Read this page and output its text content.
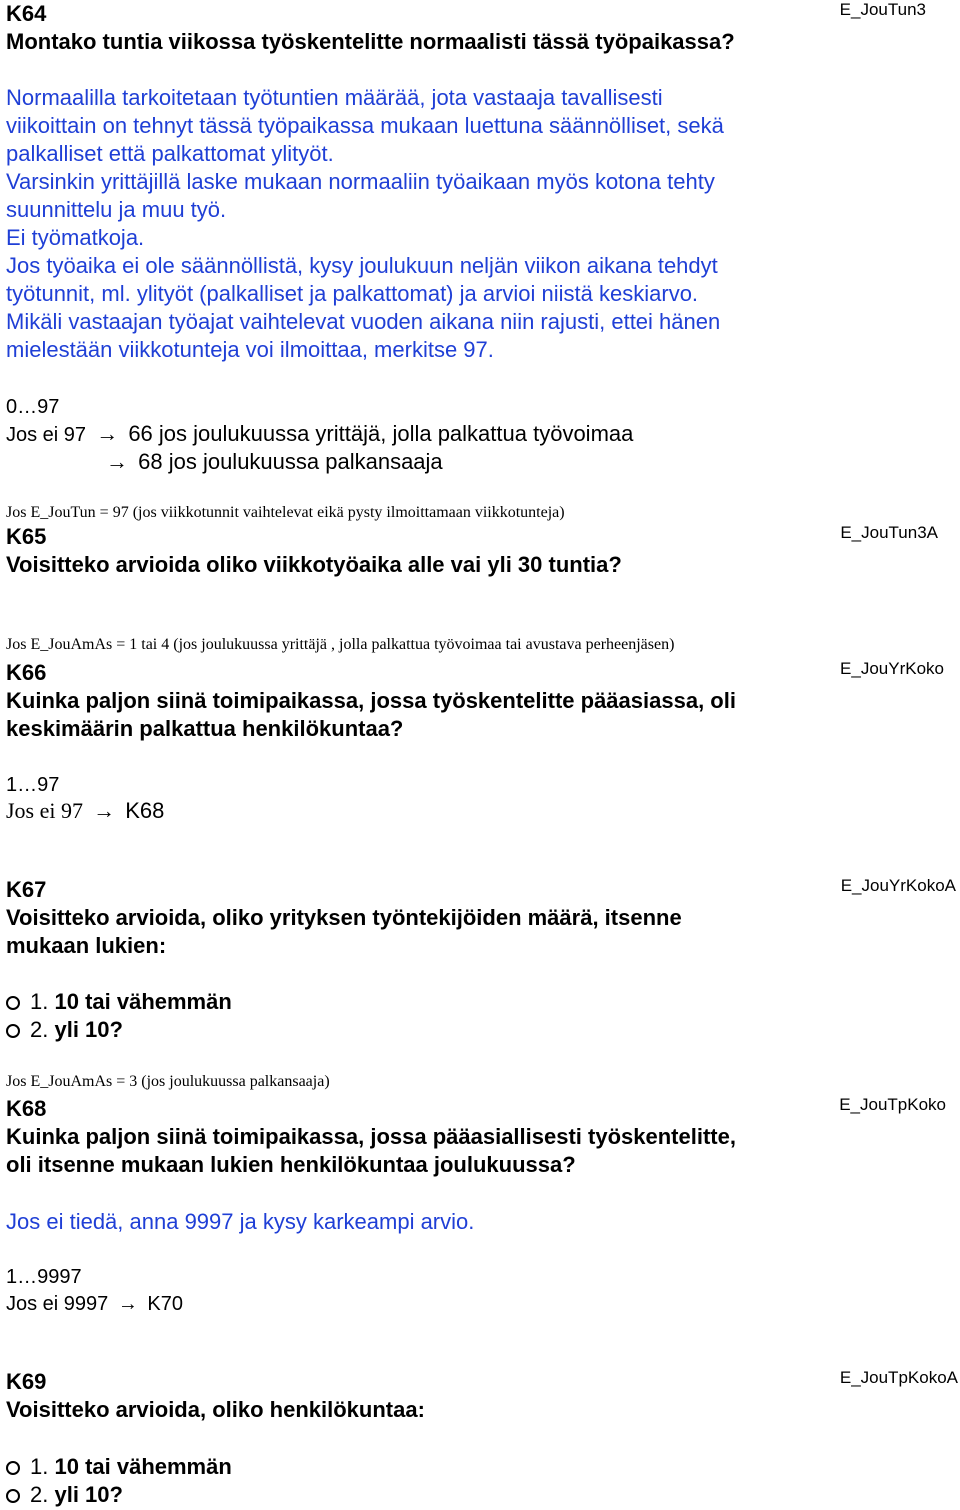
K64

Montako tuntia viikossa työskentelitte normaalisti tässä työpaikassa?

E_JouTun3

Normaalilla tarkoitetaan työtuntien määrää, jota vastaaja tavallisesti

viikoittain on tehnyt tässä työpaikassa mukaan luettuna säännölliset, sekä

palkalliset että palkattomat ylityöt.

Varsinkin yrittäjillä laske mukaan normaaliin työaikaan myös kotona tehty

suunnittelu ja muu työ.

Ei työmatkoja.

Jos työaika ei ole säännöllistä, kysy joulukuun neljän viikon aikana tehdyt

työtunnit, ml. ylityöt (palkalliset ja palkattomat) ja arvioi niistä keskiarvo.

Mikäli vastaajan työajat vaihtelevat vuoden aikana niin rajusti, ettei hänen

mielestään viikkotunteja voi ilmoittaa, merkitse 97.

0…97

Jos ei 97 → 66 jos joulukuussa yrittäjä, jolla palkattua työvoimaa

→ 68 jos joulukuussa palkansaaja

Jos E_JouTun = 97 (jos viikkotunnit vaihtelevat eikä pysty ilmoittamaan viikkotunteja)

K65

Voisitteko arvioida oliko viikkotyöaika alle vai yli 30 tuntia?

E_JouTun3A

Jos E_JouAmAs = 1 tai 4 (jos joulukuussa yrittäjä , jolla palkattua työvoimaa tai avustava perheenjäsen)

K66

Kuinka paljon siinä toimipaikassa, jossa työskentelitte pääasiassa, oli

keskimäärin palkattua henkilökuntaa?

E_JouYrKoko

1…97

Jos ei 97 → K68

K67

Voisitteko arvioida, oliko yrityksen työntekijöiden määrä, itsenne

mukaan lukien:

E_JouYrKokoA

1. 10 tai vähemmän

2. yli 10?

Jos E_JouAmAs = 3 (jos joulukuussa palkansaaja)

K68

Kuinka paljon siinä toimipaikassa, jossa pääasiallisesti työskentelitte,

oli itsenne mukaan lukien henkilökuntaa joulukuussa?

E_JouTpKoko

Jos ei tiedä, anna 9997 ja kysy karkeampi arvio.

1…9997

Jos ei 9997 → K70

K69

Voisitteko arvioida, oliko henkilökuntaa:

E_JouTpKokoA

1. 10 tai vähemmän

2. yli 10?
